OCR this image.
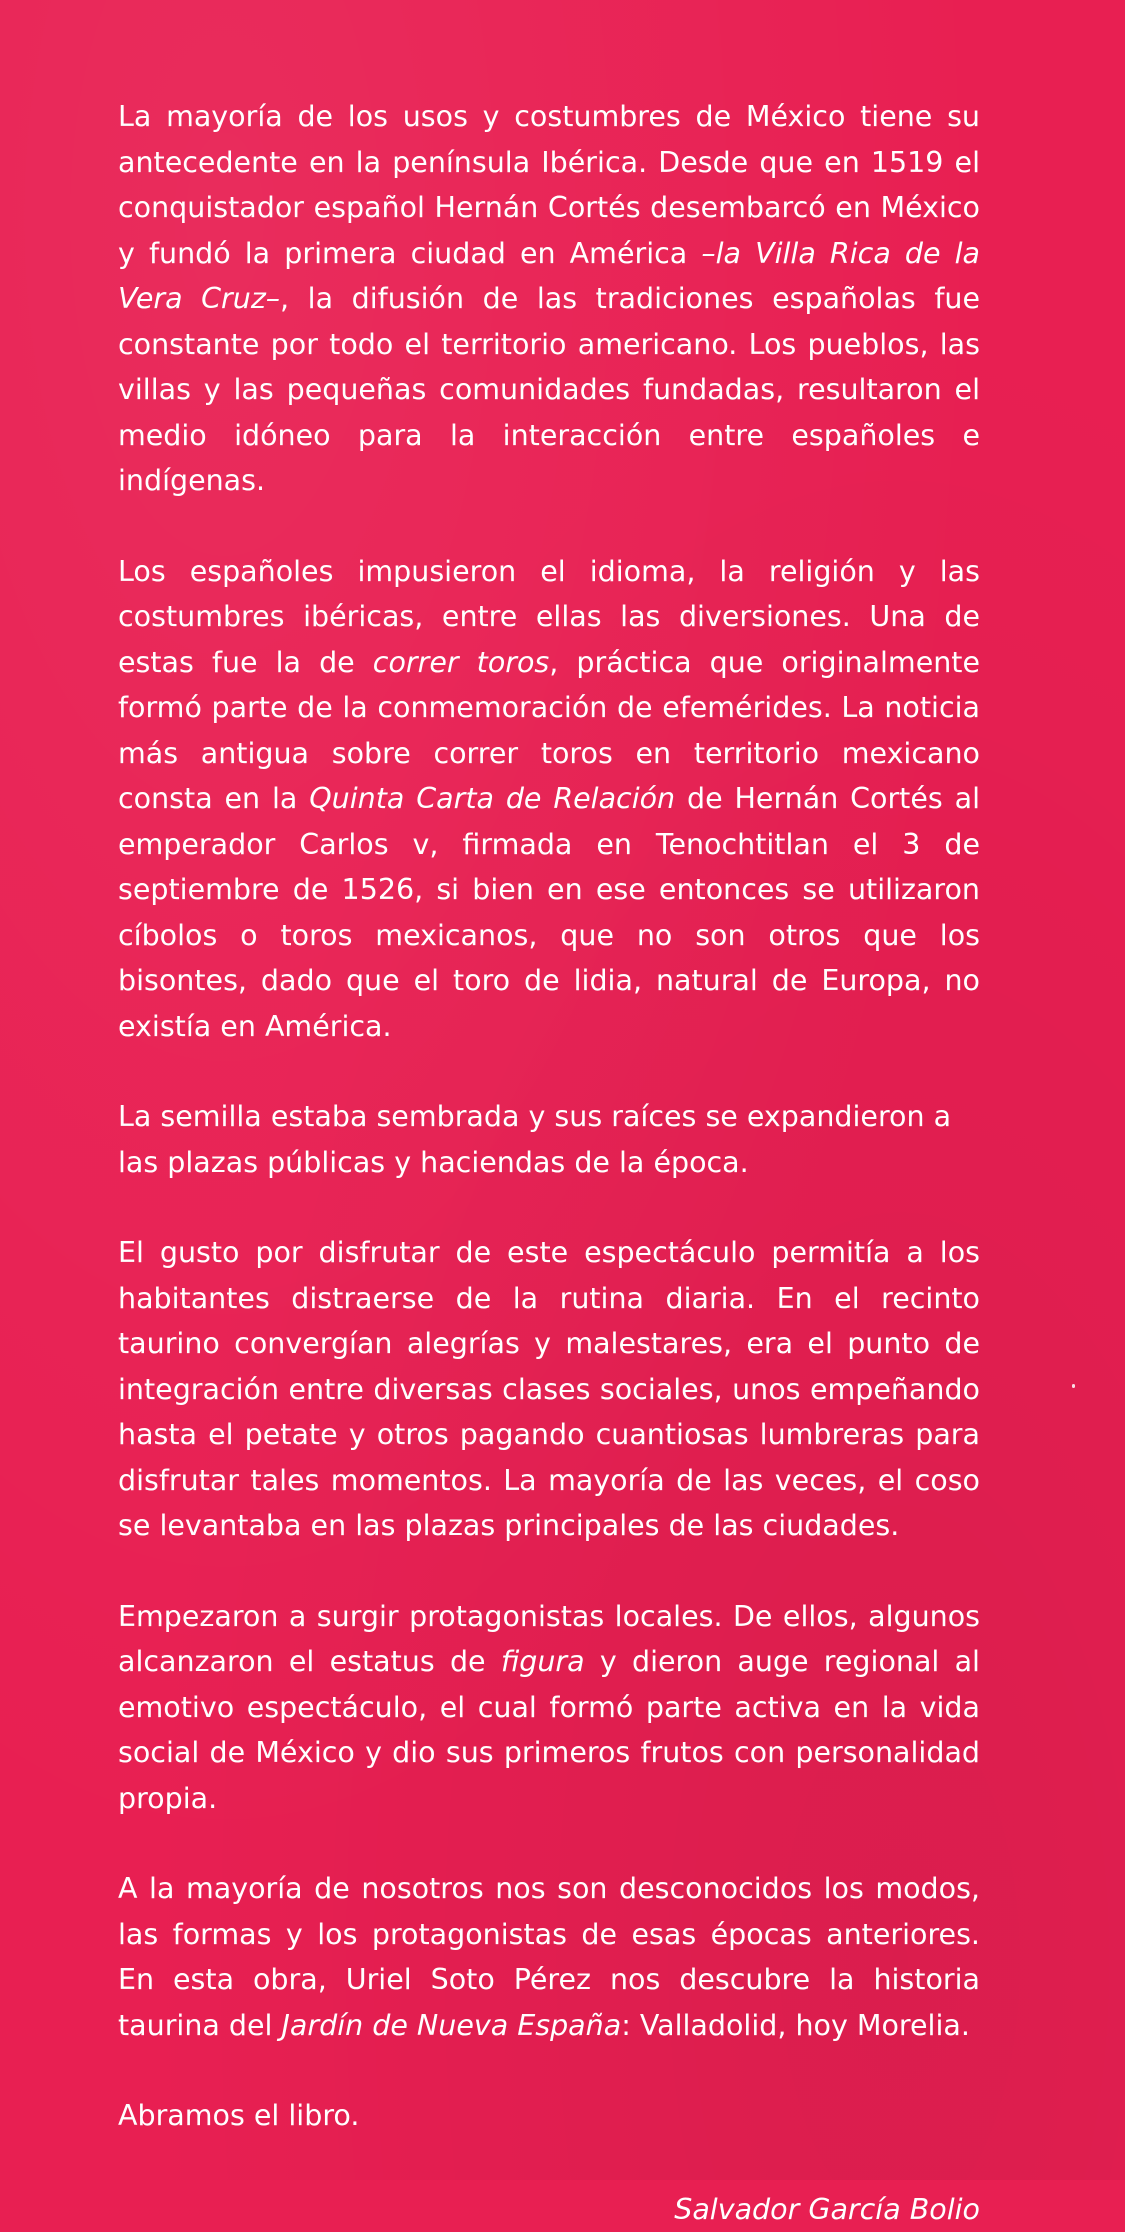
La mayoría de los usos y costumbres de México tiene su antecedente en la península Ibérica. Desde que en 1519 el conquistador español Hernán Cortés desembarcó en México y fundó la primera ciudad en América –la Villa Rica de la Vera Cruz–, la difusión de las tradiciones españolas fue constante por todo el territorio americano. Los pueblos, las villas y las pequeñas comunidades fundadas, resultaron el medio idóneo para la interacción entre españoles e indígenas.

Los españoles impusieron el idioma, la religión y las costumbres ibéricas, entre ellas las diversiones. Una de estas fue la de correr toros, práctica que originalmente formó parte de la conmemoración de efemérides. La noticia más antigua sobre correr toros en territorio mexicano consta en la Quinta Carta de Relación de Hernán Cortés al emperador Carlos v, firmada en Tenochtitlan el 3 de septiembre de 1526, si bien en ese entonces se utilizaron cíbolos o toros mexicanos, que no son otros que los bisontes, dado que el toro de lidia, natural de Europa, no existía en América.

La semilla estaba sembrada y sus raíces se expandieron a las plazas públicas y haciendas de la época.

El gusto por disfrutar de este espectáculo permitía a los habitantes distraerse de la rutina diaria. En el recinto taurino convergían alegrías y malestares, era el punto de integración entre diversas clases sociales, unos empeñando hasta el petate y otros pagando cuantiosas lumbreras para disfrutar tales momentos. La mayoría de las veces, el coso se levantaba en las plazas principales de las ciudades.

Empezaron a surgir protagonistas locales. De ellos, algunos alcanzaron el estatus de figura y dieron auge regional al emotivo espectáculo, el cual formó parte activa en la vida social de México y dio sus primeros frutos con personalidad propia.

A la mayoría de nosotros nos son desconocidos los modos, las formas y los protagonistas de esas épocas anteriores. En esta obra, Uriel Soto Pérez nos descubre la historia taurina del Jardín de Nueva España: Valladolid, hoy Morelia.

Abramos el libro.

Salvador García Bolio
